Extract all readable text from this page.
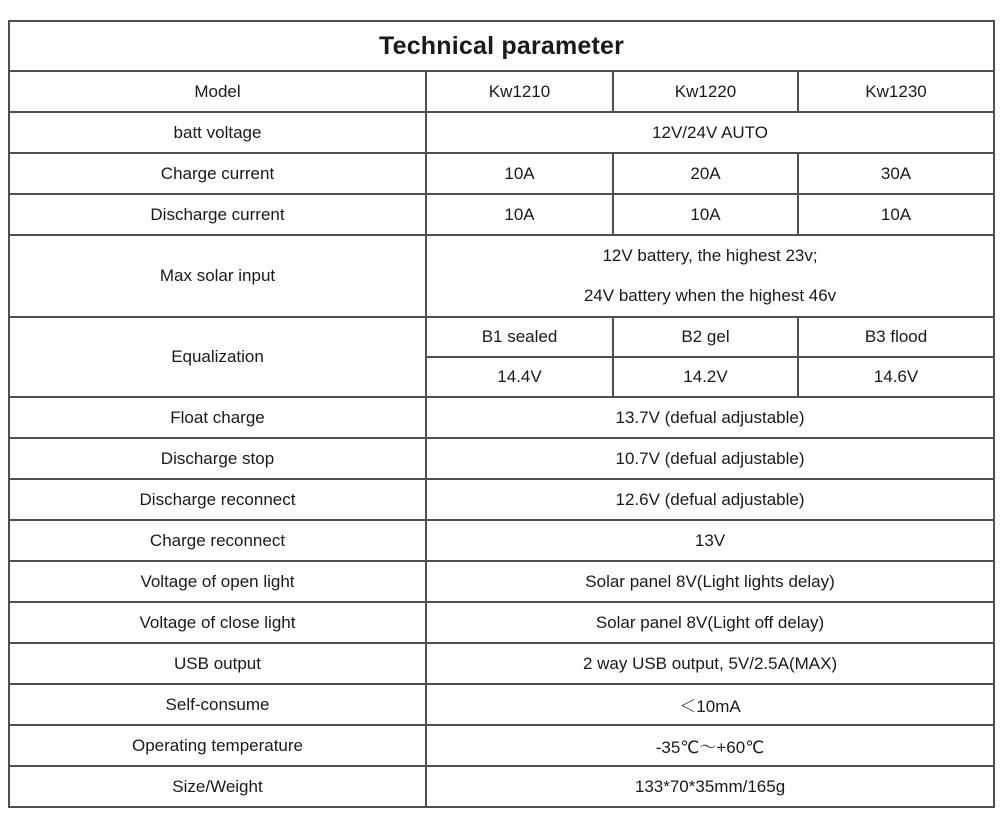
Technical parameter			
Model	Kw1210	Kw1220	Kw1230
batt voltage	12V/24V AUTO		
Charge current	10A	20A	30A
Discharge current	10A	10A	10A
Max solar input	12V battery, the highest 23v;
24V battery when the highest 46v		

Equalization	B1 sealed	B2 gel	B3 flood
	14.4V	14.2V	14.6V
Float charge	13.7V (defual adjustable)		
Discharge stop	10.7V (defual adjustable)		
Discharge reconnect	12.6V (defual adjustable)		
Charge reconnect	13V		
Voltage of open light	Solar panel 8V(Light lights delay)		
Voltage of close light	Solar panel 8V(Light off delay)		
USB output	2 way USB output, 5V/2.5A(MAX)		
Self-consume	＜10mA		
Operating temperature	-35℃～+60℃		
Size/Weight	133*70*35mm/165g		
